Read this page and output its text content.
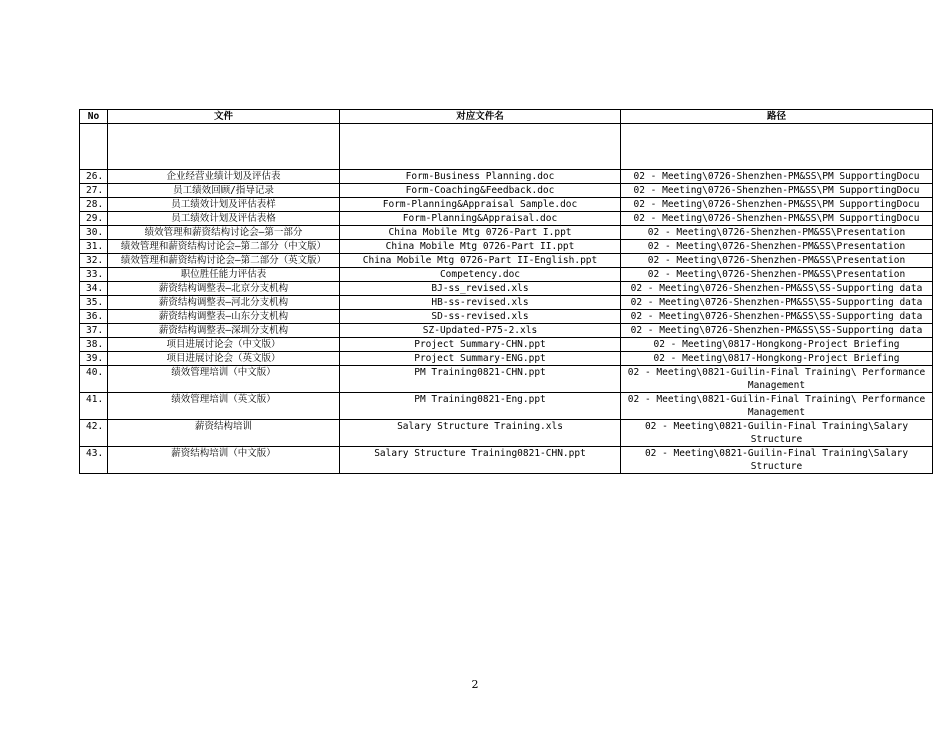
No	文件	对应文件名	路径

26.	企业经营业绩计划及评估表	Form-Business Planning.doc	02 - Meeting\0726-Shenzhen-PM&SS\PM SupportingDocu
27.	员工绩效回顾/指导记录	Form-Coaching&Feedback.doc	02 - Meeting\0726-Shenzhen-PM&SS\PM SupportingDocu
28.	员工绩效计划及评估表样	Form-Planning&Appraisal Sample.doc	02 - Meeting\0726-Shenzhen-PM&SS\PM SupportingDocu
29.	员工绩效计划及评估表格	Form-Planning&Appraisal.doc	02 - Meeting\0726-Shenzhen-PM&SS\PM SupportingDocu
30.	绩效管理和薪资结构讨论会—第一部分	China Mobile Mtg 0726-Part I.ppt	02 - Meeting\0726-Shenzhen-PM&SS\Presentation
31.	绩效管理和薪资结构讨论会—第二部分（中文版）	China Mobile Mtg 0726-Part II.ppt	02 - Meeting\0726-Shenzhen-PM&SS\Presentation
32.	绩效管理和薪资结构讨论会—第二部分（英文版）	China Mobile Mtg 0726-Part II-English.ppt	02 - Meeting\0726-Shenzhen-PM&SS\Presentation
33.	职位胜任能力评估表	Competency.doc	02 - Meeting\0726-Shenzhen-PM&SS\Presentation
34.	薪资结构调整表—北京分支机构	BJ-ss_revised.xls	02 - Meeting\0726-Shenzhen-PM&SS\SS-Supporting data
35.	薪资结构调整表—河北分支机构	HB-ss-revised.xls	02 - Meeting\0726-Shenzhen-PM&SS\SS-Supporting data
36.	薪资结构调整表—山东分支机构	SD-ss-revised.xls	02 - Meeting\0726-Shenzhen-PM&SS\SS-Supporting data
37.	薪资结构调整表—深圳分支机构	SZ-Updated-P75-2.xls	02 - Meeting\0726-Shenzhen-PM&SS\SS-Supporting data
38.	项目进展讨论会（中文版）	Project Summary-CHN.ppt	02 - Meeting\0817-Hongkong-Project Briefing
39.	项目进展讨论会（英文版）	Project Summary-ENG.ppt	02 - Meeting\0817-Hongkong-Project Briefing
40.	绩效管理培训（中文版）	PM Training0821-CHN.ppt	02 - Meeting\0821-Guilin-Final Training\ Performance Management
41.	绩效管理培训（英文版）	PM Training0821-Eng.ppt	02 - Meeting\0821-Guilin-Final Training\ Performance Management
42.	薪资结构培训	Salary Structure Training.xls	02 - Meeting\0821-Guilin-Final Training\Salary Structure
43.	薪资结构培训（中文版）	Salary Structure Training0821-CHN.ppt	02 - Meeting\0821-Guilin-Final Training\Salary Structure
2
